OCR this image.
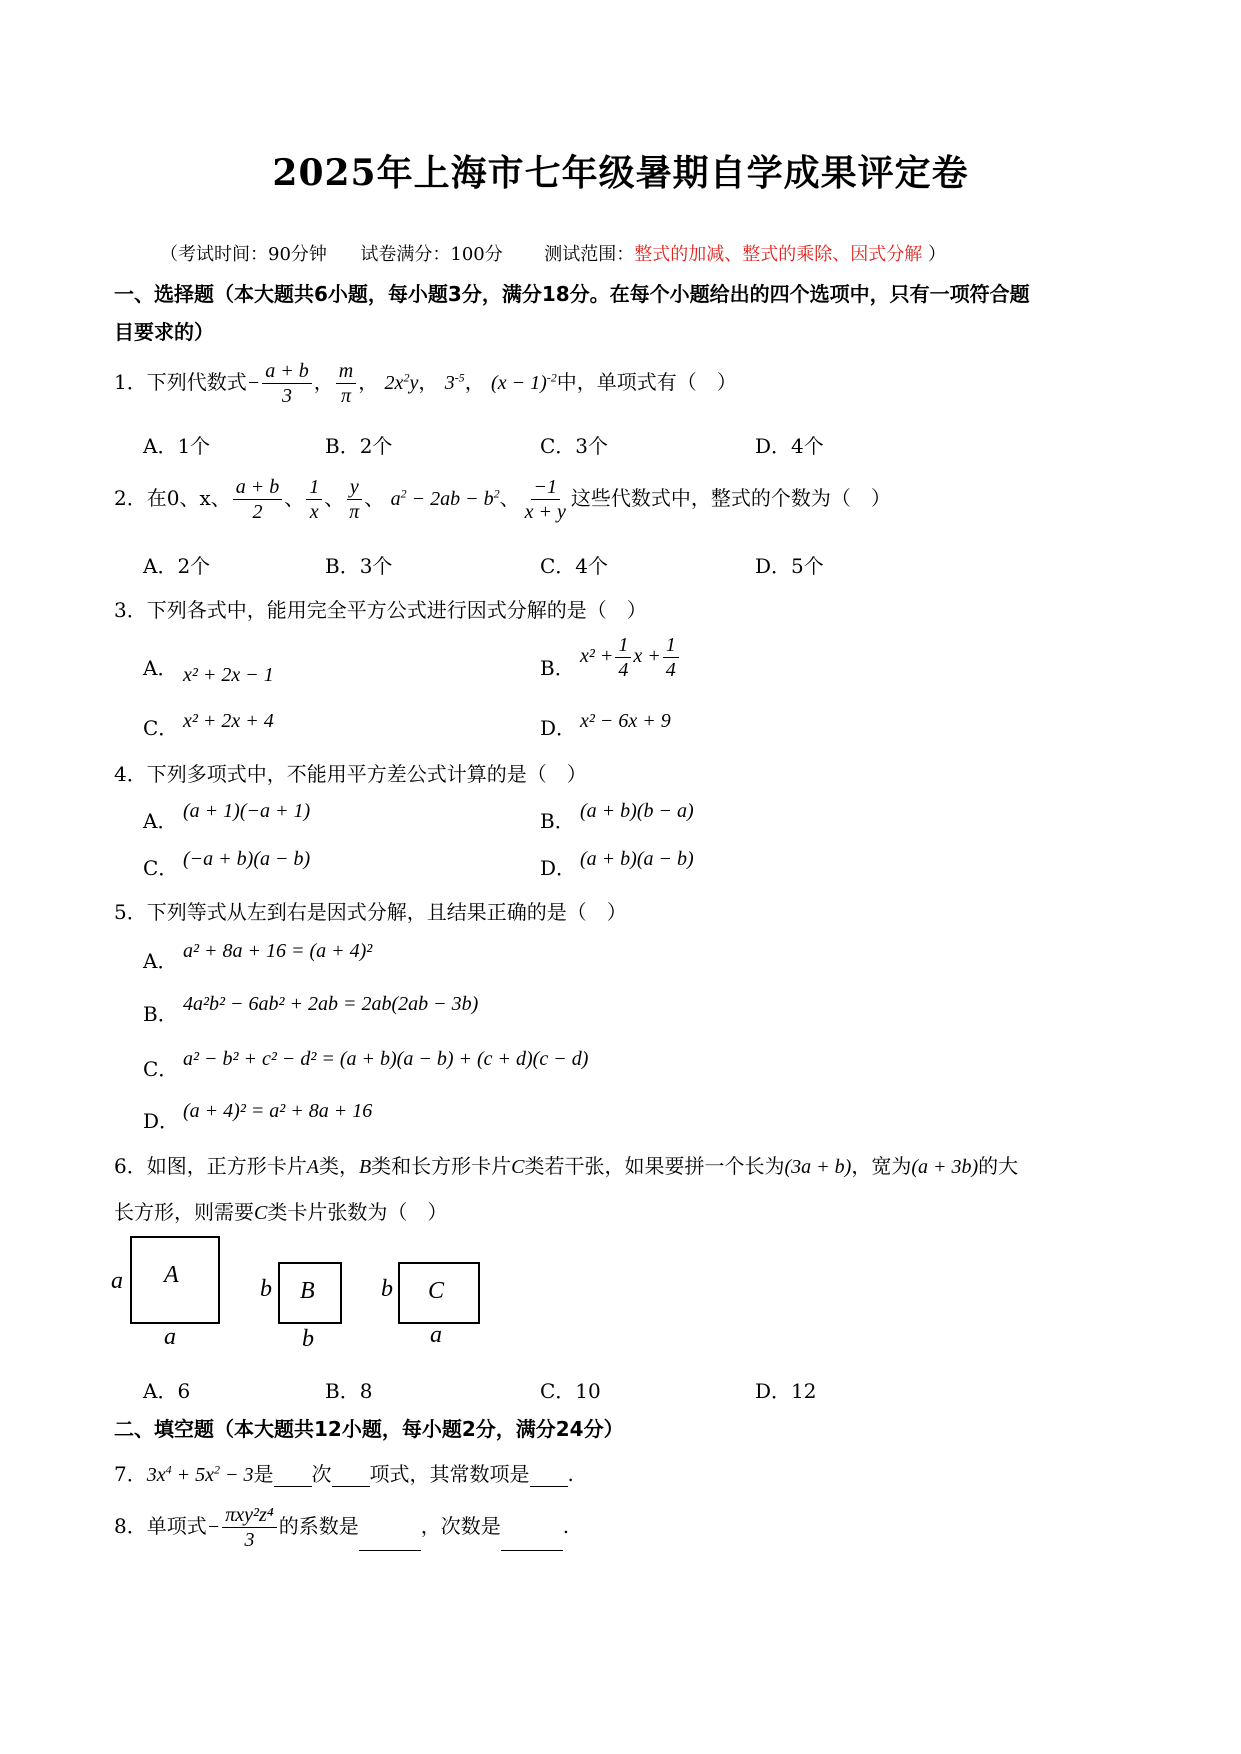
2025年上海市七年级暑期自学成果评定卷
（考试时间：90分钟 试卷满分：100分 测试范围：整式的加减、整式的乘除、因式分解 ）
一、选择题（本大题共6小题，每小题3分，满分18分。在每个小题给出的四个选项中，只有一项符合题
目要求的）
1．下列代数式− $\frac{a + b}{3}$ ， $\frac{m}{\pi}$ ， $2x^2y$， $3^{-5}$， $(x - 1)^{-2}$中，单项式有（　）
A．1个	B．2个	C．3个	D．4个
2．在0、x、 $\frac{a + b}{2}$ 、 $\frac{1}{x}$ 、 $\frac{y}{\pi}$ 、 $a^2 - 2ab - b^2$、 $\frac{-1}{x + y}$ 这些代数式中，整式的个数为（　）
A．2个	B．3个	C．4个	D．5个
3．下列各式中，能用完全平方公式进行因式分解的是（　）
A． x² + 2x − 1	B． $x^2 + \frac{1}{4}$ $x + \frac{1}{4}$
C． x² + 2x + 4	D． x² − 6x + 9
4．下列多项式中，不能用平方差公式计算的是（　）
A． (a + 1)(−a + 1)	B． (a + b)(b − a)
C． (−a + b)(a − b)	D． (a + b)(a − b)
5．下列等式从左到右是因式分解，且结果正确的是（　）
A． a² + 8a + 16 = (a + 4)²
B． 4a²b² − 6ab² + 2ab = 2ab(2ab − 3b)
C． a² − b² + c² − d² = (a + b)(a − b) + (c + d)(c − d)
D． (a + 4)² = a² + 8a + 16
6．如图，正方形卡片A类，B类和长方形卡片C类若干张，如果要拼一个长为(3a + b)，宽为(a + 3b)的大
长方形，则需要C类卡片张数为（　）
A
a
a
B
b
b
C
b
a
A．6	B．8	C．10	D．12
二、填空题（本大题共12小题，每小题2分，满分24分）
7．$3x^4 + 5x^2 - 3$是 次 项式，其常数项是 .
8．单项式− $\frac{\text{πxy²z⁴}}{3}$ 的系数是	，次数是	.
